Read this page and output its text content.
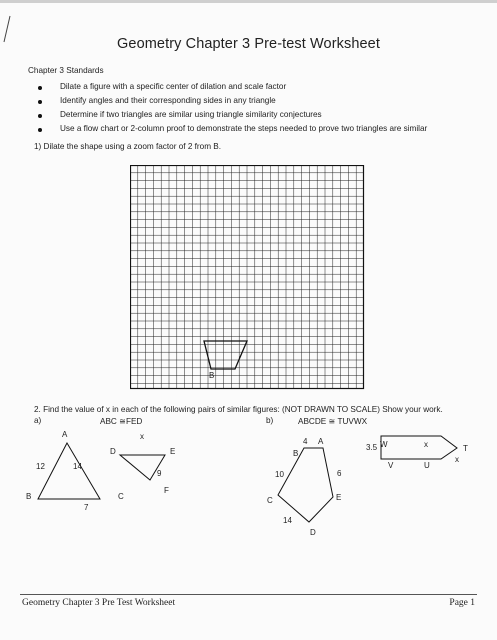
Geometry Chapter 3 Pre-test Worksheet
Chapter 3 Standards
Dilate a figure with a specific center of dilation and scale factor
Identify angles and their corresponding sides in any triangle
Determine if two triangles are similar using triangle similarity conjectures
Use a flow chart or 2-column proof to demonstrate the steps needed to prove two triangles are similar
1) Dilate the shape using a zoom factor of 2 from B.
B
2. Find the value of x in each of the following pairs of similar figures: (NOT DRAWN TO SCALE) Show your work.
a)	ABC ≅FED	b)	ABCDE ≅ TUVWX
A
B	C
12	14
7
D	E
F
x
9
B
A
6
E
C
D
4
10
14
3.5 W	x	T
x
U
V
Geometry Chapter 3 Pre Test Worksheet	Page 1
